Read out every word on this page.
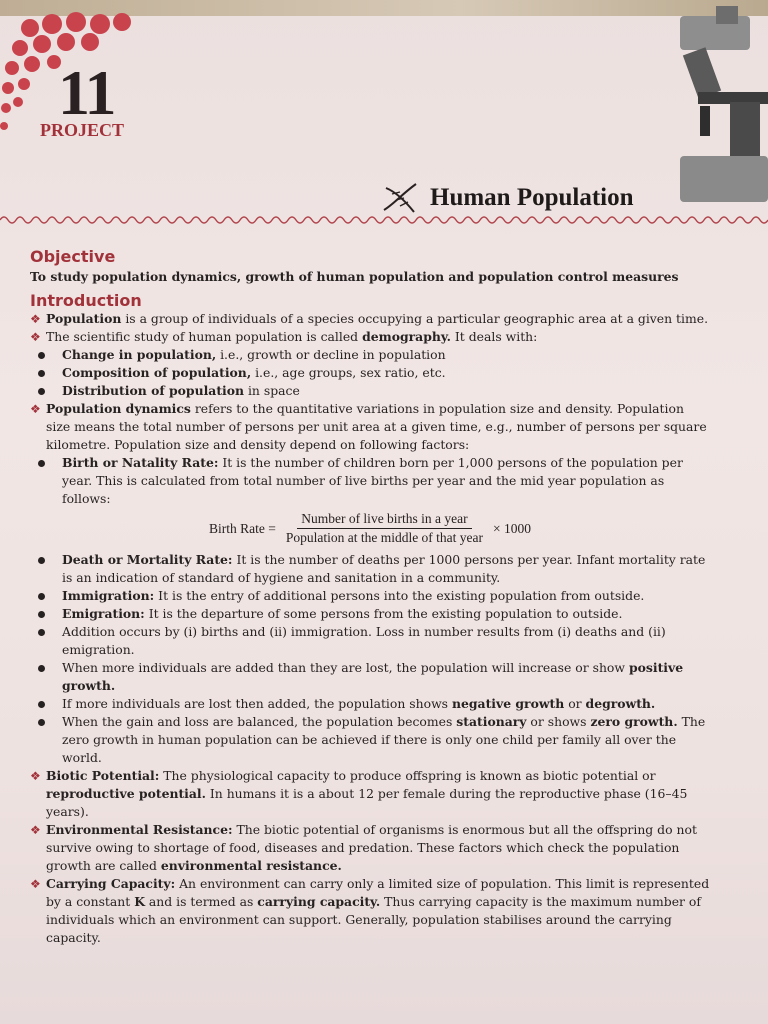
11
PROJECT
Human Population
Objective
To study population dynamics, growth of human population and population control measures
Introduction
❖ Population is a group of individuals of a species occupying a particular geographic area at a given time.
❖ The scientific study of human population is called demography. It deals with:
Change in population, i.e., growth or decline in population
Composition of population, i.e., age groups, sex ratio, etc.
Distribution of population in space
❖ Population dynamics refers to the quantitative variations in population size and density. Population size means the total number of persons per unit area at a given time, e.g., number of persons per square kilometre. Population size and density depend on following factors:
Birth or Natality Rate: It is the number of children born per 1,000 persons of the population per year. This is calculated from total number of live births per year and the mid year population as follows:
Birth Rate = $\frac{\text{Number of live births in a year}}{\text{Population at the middle of that year}} \times 1000$
Death or Mortality Rate: It is the number of deaths per 1000 persons per year. Infant mortality rate is an indication of standard of hygiene and sanitation in a community.
Immigration: It is the entry of additional persons into the existing population from outside.
Emigration: It is the departure of some persons from the existing population to outside.
Addition occurs by (i) births and (ii) immigration. Loss in number results from (i) deaths and (ii) emigration.
When more individuals are added than they are lost, the population will increase or show positive growth.
If more individuals are lost then added, the population shows negative growth or degrowth.
When the gain and loss are balanced, the population becomes stationary or shows zero growth. The zero growth in human population can be achieved if there is only one child per family all over the world.
❖ Biotic Potential: The physiological capacity to produce offspring is known as biotic potential or reproductive potential. In humans it is a about 12 per female during the reproductive phase (16–45 years).
❖ Environmental Resistance: The biotic potential of organisms is enormous but all the offspring do not survive owing to shortage of food, diseases and predation. These factors which check the population growth are called environmental resistance.
❖ Carrying Capacity: An environment can carry only a limited size of population. This limit is represented by a constant K and is termed as carrying capacity. Thus carrying capacity is the maximum number of individuals which an environment can support. Generally, population stabilises around the carrying capacity.
